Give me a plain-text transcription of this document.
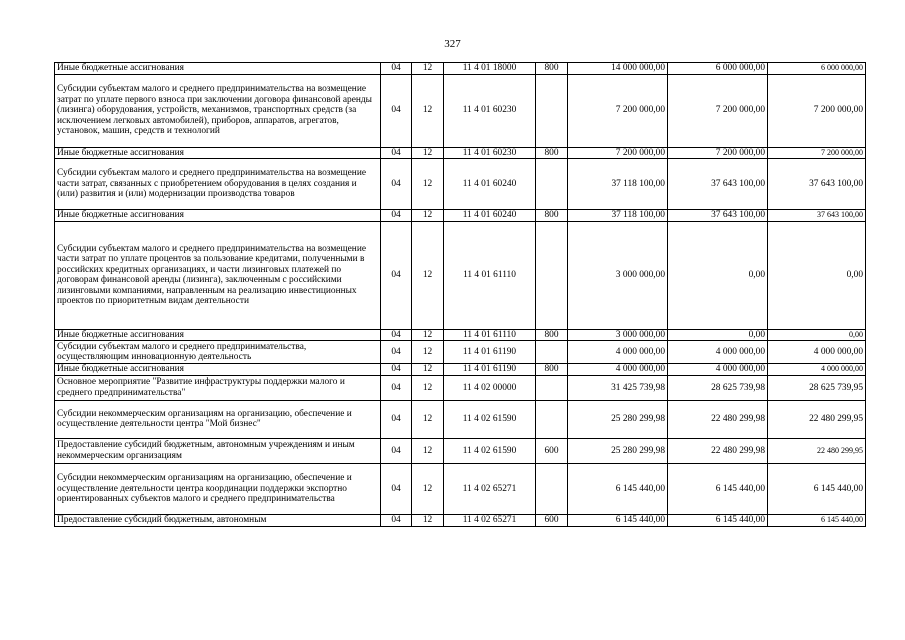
327
Иные бюджетные ассигнования	04	12	11 4 01 18000	800	14 000 000,00	6 000 000,00	6 000 000,00
Субсидии субъектам малого и среднего предпринимательства на возмещение затрат по уплате первого взноса при заключении договора финансовой аренды (лизинга) оборудования, устройств, механизмов, транспортных средств (за исключением легковых автомобилей), приборов, аппаратов, агрегатов, установок, машин, средств и технологий	04	12	11 4 01 60230		7 200 000,00	7 200 000,00	7 200 000,00
Иные бюджетные ассигнования	04	12	11 4 01 60230	800	7 200 000,00	7 200 000,00	7 200 000,00
Субсидии субъектам малого и среднего предпринимательства на возмещение части затрат, связанных с приобретением оборудования в целях создания и (или) развития и (или) модернизации производства товаров	04	12	11 4 01 60240		37 118 100,00	37 643 100,00	37 643 100,00
Иные бюджетные ассигнования	04	12	11 4 01 60240	800	37 118 100,00	37 643 100,00	37 643 100,00
Субсидии субъектам малого и среднего предпринимательства на возмещение части затрат по уплате процентов за пользование кредитами, полученными в российских кредитных организациях, и части лизинговых платежей по договорам финансовой аренды (лизинга), заключенным с российскими лизинговыми компаниями, направленным на реализацию инвестиционных проектов по приоритетным видам деятельности	04	12	11 4 01 61110		3 000 000,00	0,00	0,00
Иные бюджетные ассигнования	04	12	11 4 01 61110	800	3 000 000,00	0,00	0,00
Субсидии субъектам малого и среднего предпринимательства, осуществляющим инновационную деятельность	04	12	11 4 01 61190		4 000 000,00	4 000 000,00	4 000 000,00
Иные бюджетные ассигнования	04	12	11 4 01 61190	800	4 000 000,00	4 000 000,00	4 000 000,00
Основное мероприятие "Развитие инфраструктуры поддержки малого и среднего предпринимательства"	04	12	11 4 02 00000		31 425 739,98	28 625 739,98	28 625 739,95
Субсидии некоммерческим организациям на организацию, обеспечение и осуществление деятельности центра "Мой бизнес"	04	12	11 4 02 61590		25 280 299,98	22 480 299,98	22 480 299,95
Предоставление субсидий бюджетным, автономным учреждениям и иным некоммерческим организациям	04	12	11 4 02 61590	600	25 280 299,98	22 480 299,98	22 480 299,95
Субсидии некоммерческим организациям на организацию, обеспечение и осуществление деятельности центра координации поддержки экспортно ориентированных субъектов малого и среднего предпринимательства	04	12	11 4 02 65271		6 145 440,00	6 145 440,00	6 145 440,00
Предоставление субсидий бюджетным, автономным	04	12	11 4 02 65271	600	6 145 440,00	6 145 440,00	6 145 440,00
